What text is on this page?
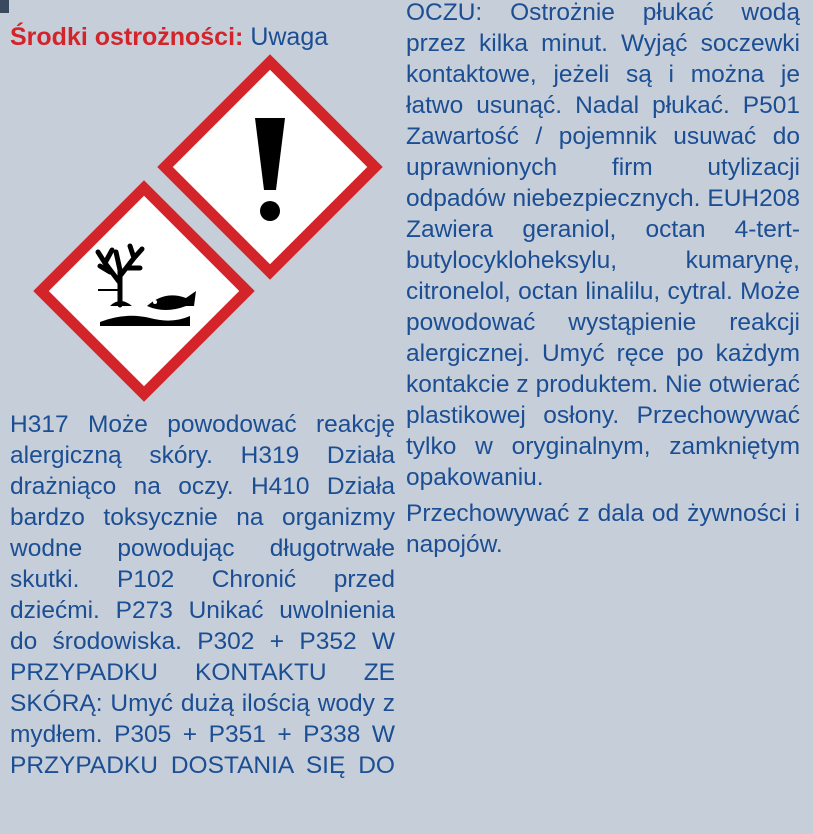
Środki ostrożności: Uwaga

H317 Może powodować reakcję alergiczną skóry. H319 Działa drażniąco na oczy. H410 Działa bardzo toksycznie na organizmy wodne powodując długotrwałe skutki. P102 Chronić przed dziećmi. P273 Unikać uwolnienia do środowiska. P302 + P352 W PRZYPADKU KONTAKTU ZE SKÓRĄ: Umyć dużą ilością wody z mydłem. P305 + P351 + P338 W PRZYPADKU DOSTANIA SIĘ DO

OCZU: Ostrożnie płukać wodą przez kilka minut. Wyjąć soczewki kontaktowe, jeżeli są i można je łatwo usunąć. Nadal płukać. P501 Zawartość / pojemnik usuwać do uprawnionych firm utylizacji odpadów niebezpiecznych. EUH208 Zawiera geraniol, octan 4-tert-butylocykloheksylu, kumarynę, citronelol, octan linalilu, cytral. Może powodować wystąpienie reakcji alergicznej. Umyć ręce po każdym kontakcie z produktem. Nie otwierać plastikowej osłony. Przechowywać tylko w oryginalnym, zamkniętym opakowaniu.

Przechowywać z dala od żywności i napojów.
